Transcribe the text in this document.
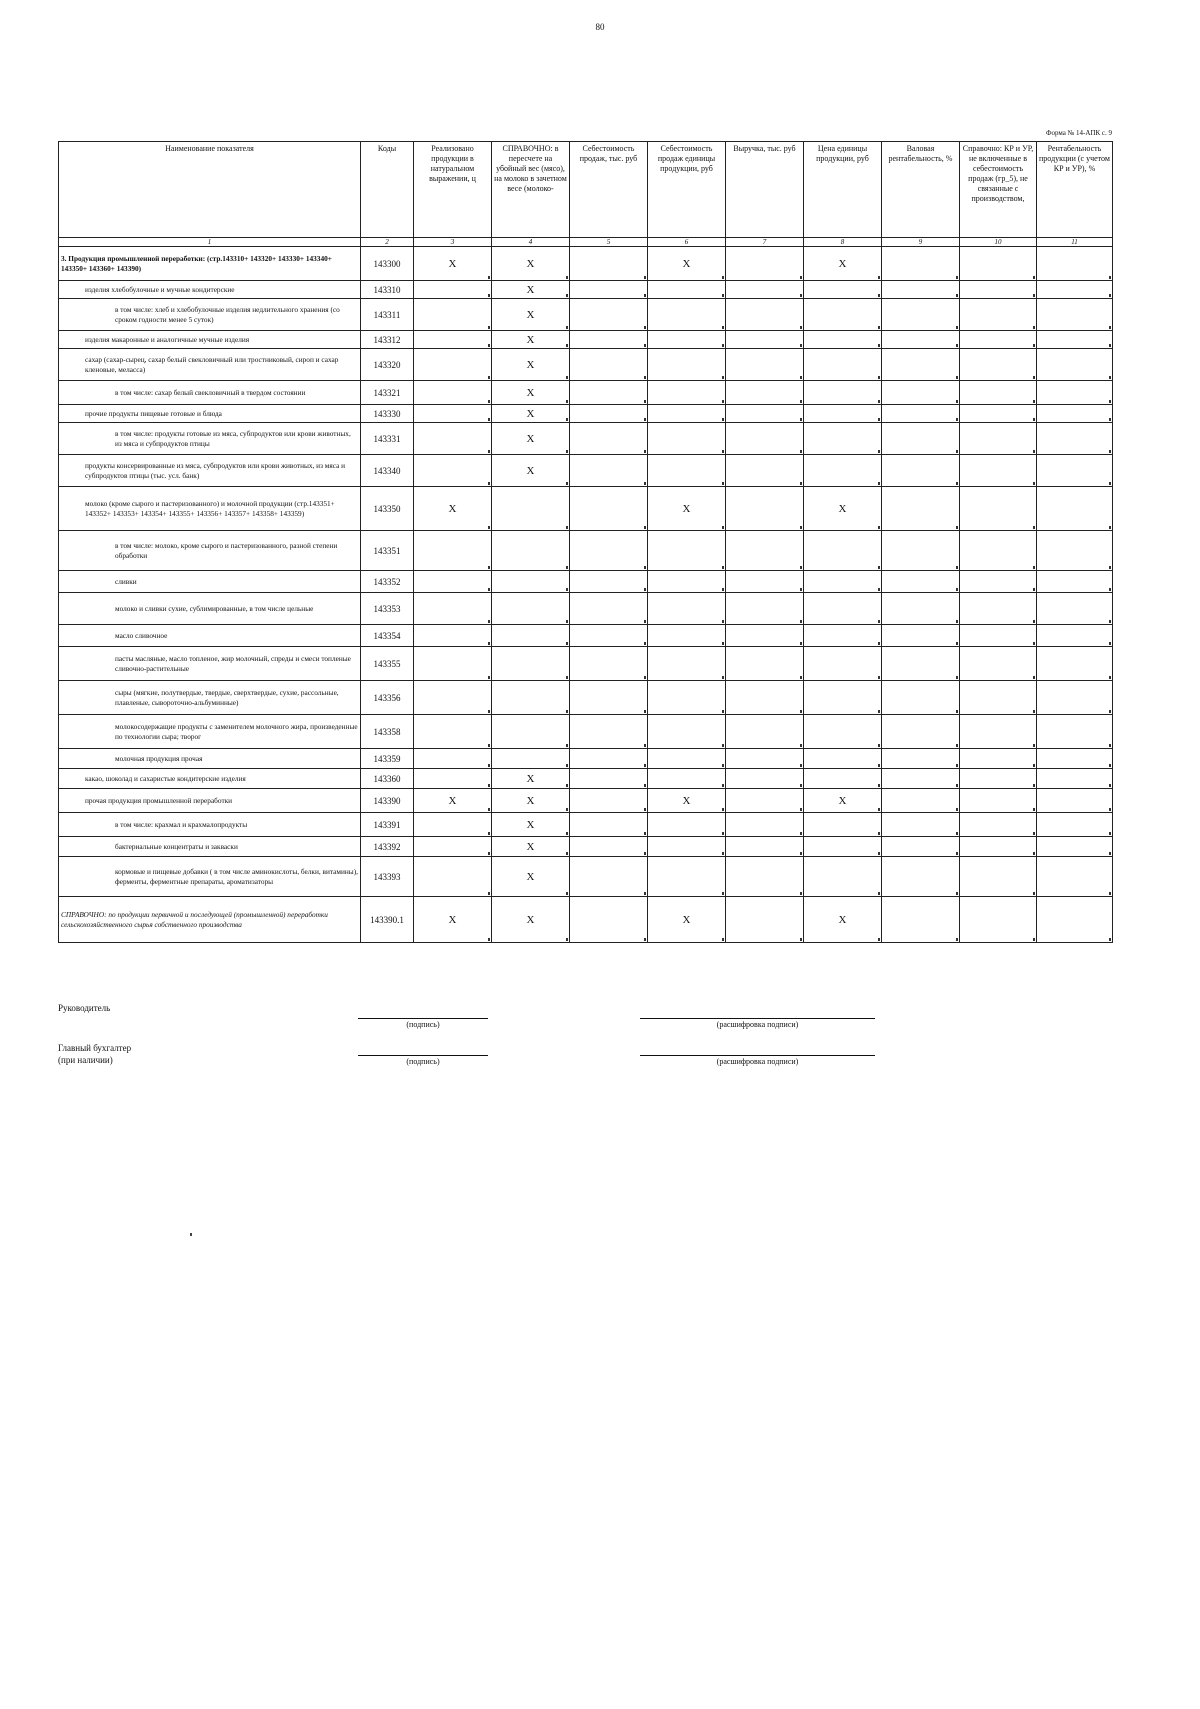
80
Форма № 14-АПК с. 9
Наименование показателя	Коды	Реализовано продукции в натуральном выражении, ц	СПРАВОЧНО: в пересчете на убойный вес (мясо), на молоко в зачетном весе (молоко-	Себестоимость продаж, тыс. руб	Себестоимость продаж единицы продукции, руб	Выручка, тыс. руб	Цена единицы продукции, руб	Валовая рентабельность, %	Справочно: КР и УР, не включенные в себестоимость продаж (гр_5), не связанные с производством,	Рентабельность продукции (с учетом КР и УР), %
1	2	3	4	5	6	7	8	9	10	11
3. Продукция промышленной переработки: (стр.143310+ 143320+ 143330+ 143340+ 143350+ 143360+ 143390)	143300	X	X		X		X			
изделия хлебобулочные и мучные кондитерские	143310		X							
в том числе: хлеб и хлебобулочные изделия недлительного хранения (со сроком годности менее 5 суток)	143311		X							
изделия макаронные и аналогичные мучные изделия	143312		X							
сахар (сахар-сырец, сахар белый свекловичный или тростниковый, сироп и сахар кленовые, меласса)	143320		X							
в том числе: сахар белый свекловичный в твердом состоянии	143321		X							
прочие продукты пищевые готовые и блюда	143330		X							
в том числе: продукты готовые из мяса, субпродуктов или крови животных, из мяса и субпродуктов птицы	143331		X							
продукты консервированные из мяса, субпродуктов или крови животных, из мяса и субпродуктов птицы (тыс. усл. банк)	143340		X							
молоко (кроме сырого и пастеризованного) и молочной продукции (стр.143351+ 143352+ 143353+ 143354+ 143355+ 143356+ 143357+ 143358+ 143359)	143350	X			X		X			
в том числе: молоко, кроме сырого и пастеризованного, разной степени обработки	143351									
сливки	143352									
молоко и сливки сухие, сублимированные, в том числе цельные	143353									
масло сливочное	143354									
пасты масляные, масло топленое, жир молочный, спреды и смеси топленые сливочно-растительные	143355									
сыры (мягкие, полутвердые, твердые, сверхтвердые, сухие, рассольные, плавленые, сывороточно-альбуминные)	143356									
молокосодержащие продукты с заменителем молочного жира, произведенные по технологии сыра; творог	143358									
молочная продукция прочая	143359									
какао, шоколад и сахаристые кондитерские изделия	143360		X							
прочая продукция промышленной переработки	143390	X	X		X		X			
в том числе: крахмал и крахмалопродукты	143391		X							
бактериальные концентраты и закваски	143392		X							
кормовые и пищевые добавки ( в том числе аминокислоты, белки, витамины), ферменты, ферментные препараты, ароматизаторы	143393		X							
СПРАВОЧНО: по продукции первичной и последующей (промышленной) переработки сельскохозяйственного сырья собственного производства	143390.1	X	X		X		X			
Руководитель
(подпись)	(расшифровка подписи)
Главный бухгалтер
(при наличии)	(подпись)	(расшифровка подписи)
